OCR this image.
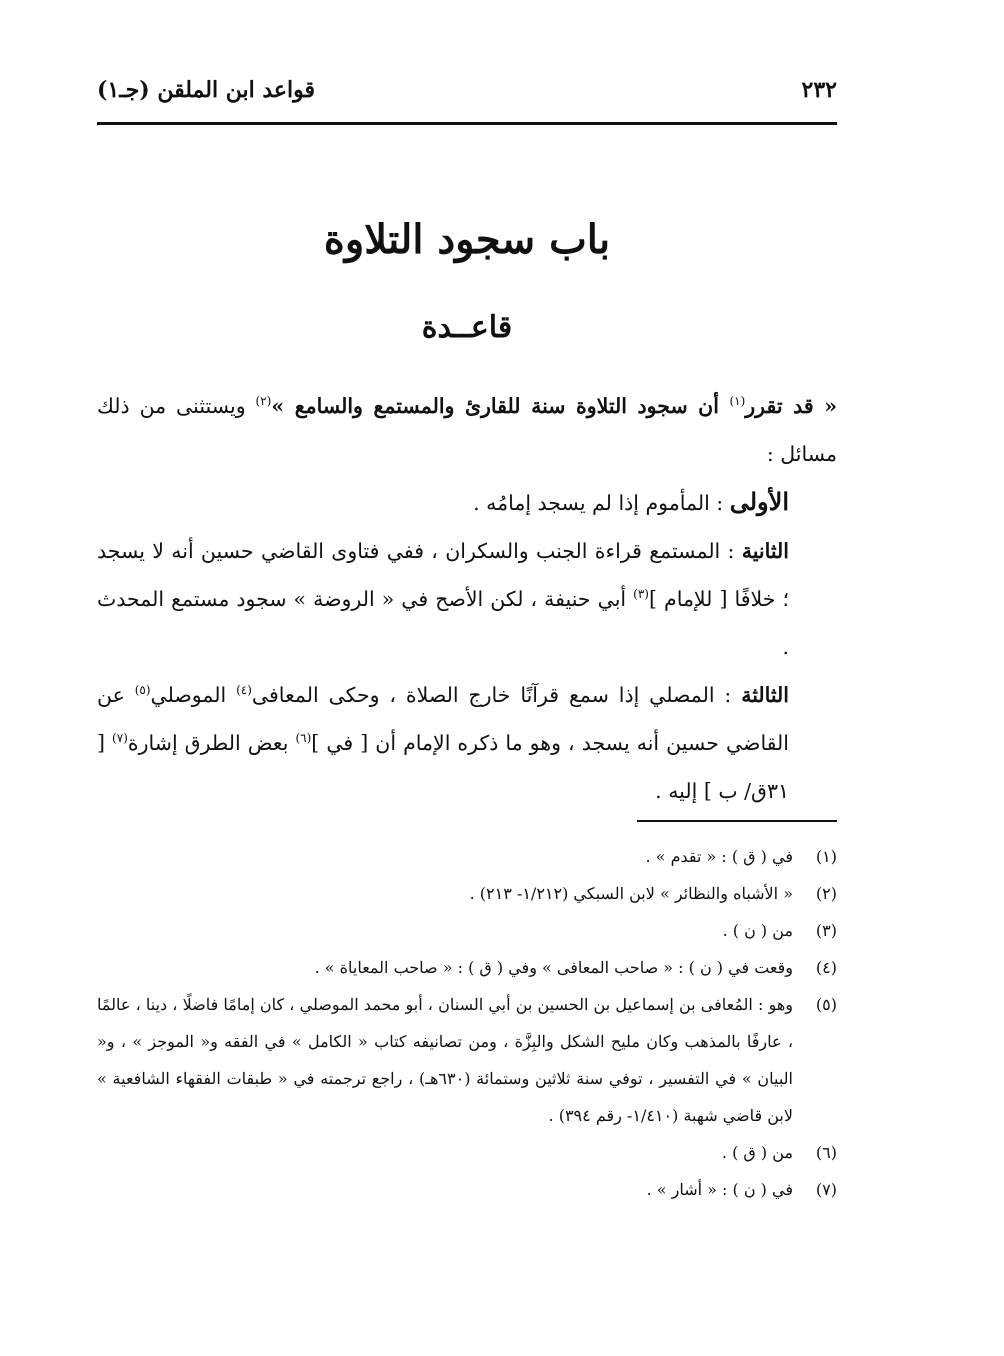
٢٣٢
قواعد ابن الملقن (جـ١)
باب سجود التلاوة
قاعــدة

« قد تقرر$^{(١)}$ أن سجود التلاوة سنة للقارئ والمستمع والسامع »$^{(٢)}$ ويستثنى من ذلك مسائل :

الأولى : المأموم إذا لم يسجد إمامُه .

الثانية : المستمع قراءة الجنب والسكران ، ففي فتاوى القاضي حسين أنه لا يسجد ؛ خلافًا [ للإمام ]$^{(٣)}$ أبي حنيفة ، لكن الأصح في « الروضة » سجود مستمع المحدث .

الثالثة : المصلي إذا سمع قرآنًا خارج الصلاة ، وحكى المعافى$^{(٤)}$ الموصلي$^{(٥)}$ عن القاضي حسين أنه يسجد ، وهو ما ذكره الإمام أن [ في ]$^{(٦)}$ بعض الطرق إشارة$^{(٧)}$ [ ٣١ق/ ب ] إليه .

(١)
في ( ق ) : « تقدم » .
(٢)
« الأشباه والنظائر » لابن السبكي (١/٢١٢- ٢١٣) .
(٣)
من ( ن ) .
(٤)
وقعت في ( ن ) : « صاحب المعافى » وفي ( ق ) : « صاحب المعاياة » .
(٥)
وهو : المُعافى بن إسماعيل بن الحسين بن أبي السنان ، أبو محمد الموصلي ، كان إمامًا فاضلًا ، دينا ، عالمًا ، عارفًا بالمذهب وكان مليح الشكل والبِزَّة ، ومن تصانيفه كتاب « الكامل » في الفقه و« الموجز » ، و« البيان » في التفسير ، توفي سنة ثلاثين وستمائة (٦٣٠هـ) ، راجع ترجمته في « طبقات الفقهاء الشافعية » لابن قاضي شهبة (١/٤١٠- رقم ٣٩٤) .
(٦)
من ( ق ) .
(٧)
في ( ن ) : « أشار » .
